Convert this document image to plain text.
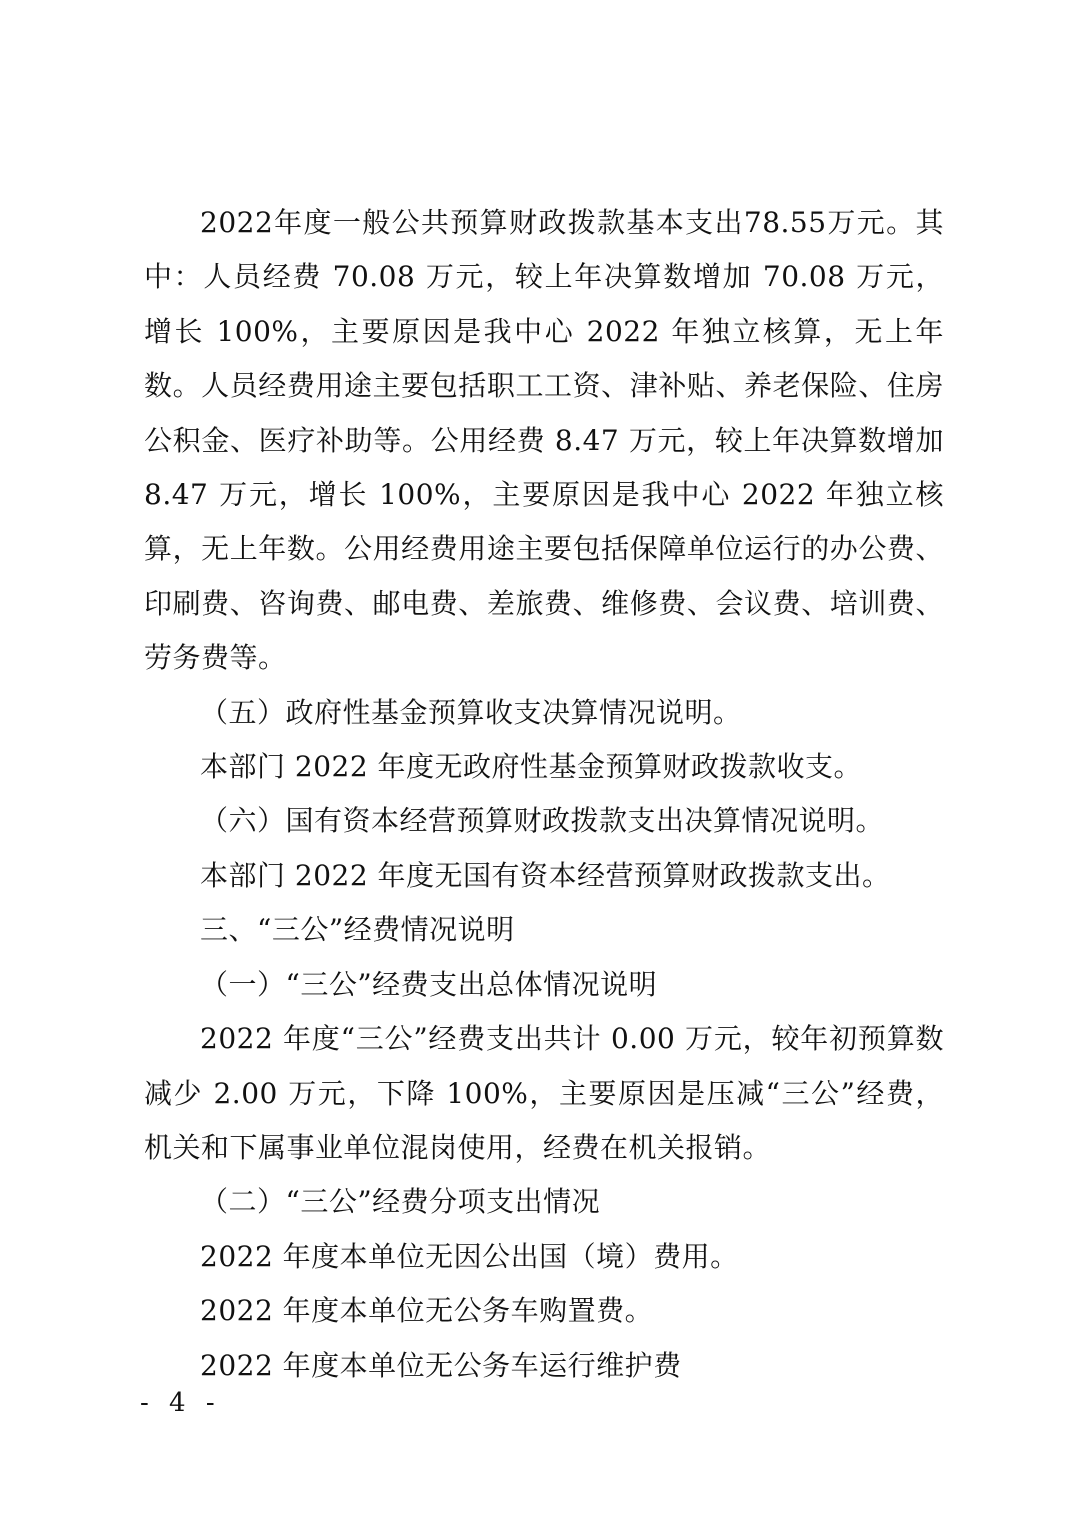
2022年度一般公共预算财政拨款基本支出78.55万元。其中：人员经费 70.08 万元，较上年决算数增加 70.08 万元，增长 100%，主要原因是我中心 2022 年独立核算，无上年数。人员经费用途主要包括职工工资、津补贴、养老保险、住房公积金、医疗补助等。公用经费 8.47 万元，较上年决算数增加 8.47 万元，增长 100%，主要原因是我中心 2022 年独立核算，无上年数。公用经费用途主要包括保障单位运行的办公费、印刷费、咨询费、邮电费、差旅费、维修费、会议费、培训费、劳务费等。

（五）政府性基金预算收支决算情况说明。

本部门 2022 年度无政府性基金预算财政拨款收支。

（六）国有资本经营预算财政拨款支出决算情况说明。

本部门 2022 年度无国有资本经营预算财政拨款支出。

三、“三公”经费情况说明

（一）“三公”经费支出总体情况说明

2022 年度“三公”经费支出共计 0.00 万元，较年初预算数减少 2.00 万元，下降 100%，主要原因是压减“三公”经费，机关和下属事业单位混岗使用，经费在机关报销。

（二）“三公”经费分项支出情况

2022 年度本单位无因公出国（境）费用。

2022 年度本单位无公务车购置费。

2022 年度本单位无公务车运行维护费

- 4 -
